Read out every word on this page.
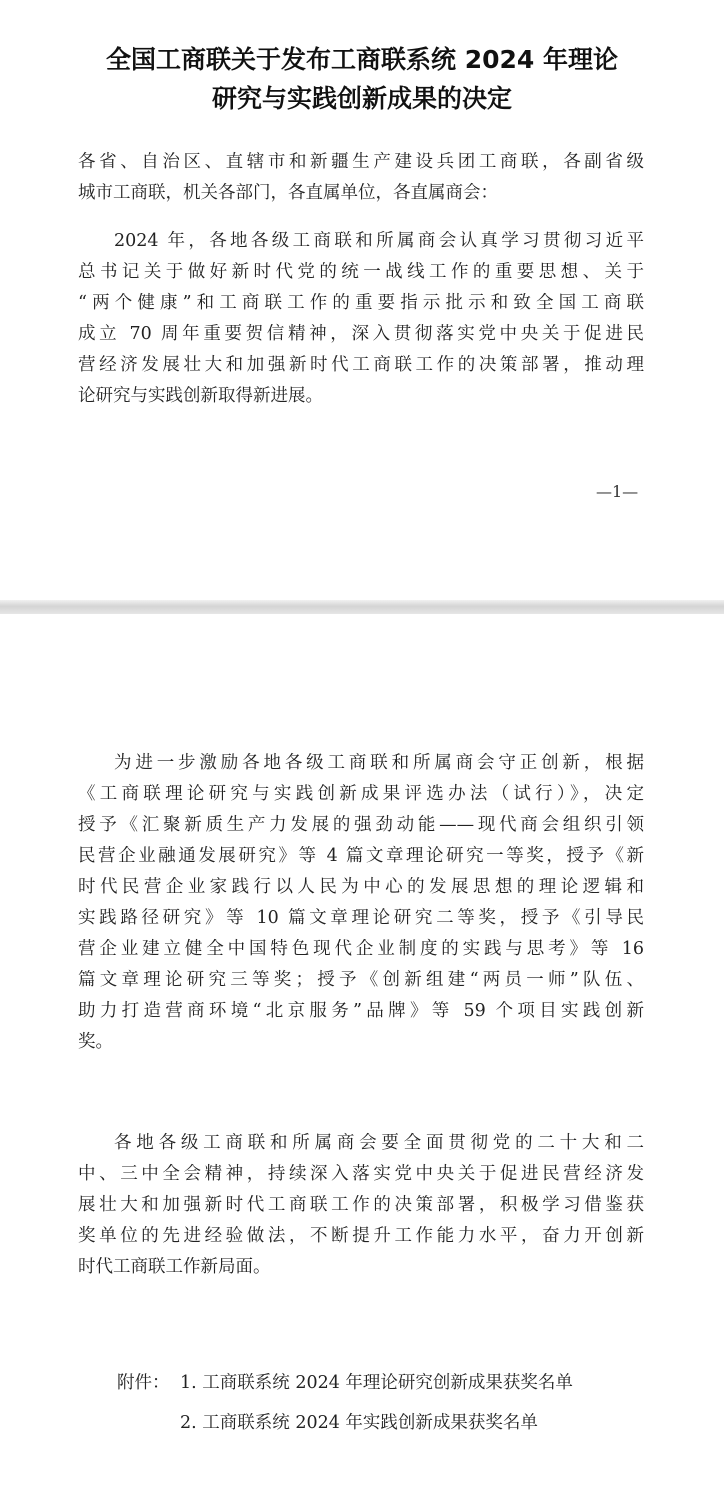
全国工商联关于发布工商联系统 2024 年理论
研究与实践创新成果的决定
各省、自治区、直辖市和新疆生产建设兵团工商联，各副省级
城市工商联，机关各部门，各直属单位，各直属商会：
2024 年，各地各级工商联和所属商会认真学习贯彻习近平
总书记关于做好新时代党的统一战线工作的重要思想、关于
“两个健康”和工商联工作的重要指示批示和致全国工商联
成立 70 周年重要贺信精神，深入贯彻落实党中央关于促进民
营经济发展壮大和加强新时代工商联工作的决策部署，推动理
论研究与实践创新取得新进展。
—1—
为进一步激励各地各级工商联和所属商会守正创新，根据
《工商联理论研究与实践创新成果评选办法（试行）》，决定
授予《汇聚新质生产力发展的强劲动能——现代商会组织引领
民营企业融通发展研究》等 4 篇文章理论研究一等奖，授予《新
时代民营企业家践行以人民为中心的发展思想的理论逻辑和
实践路径研究》等 10 篇文章理论研究二等奖，授予《引导民
营企业建立健全中国特色现代企业制度的实践与思考》等 16
篇文章理论研究三等奖；授予《创新组建“两员一师”队伍、
助力打造营商环境“北京服务”品牌》等 59 个项目实践创新
奖。
各地各级工商联和所属商会要全面贯彻党的二十大和二
中、三中全会精神，持续深入落实党中央关于促进民营经济发
展壮大和加强新时代工商联工作的决策部署，积极学习借鉴获
奖单位的先进经验做法，不断提升工作能力水平，奋力开创新
时代工商联工作新局面。
附件： 1. 工商联系统 2024 年理论研究创新成果获奖名单
2. 工商联系统 2024 年实践创新成果获奖名单
